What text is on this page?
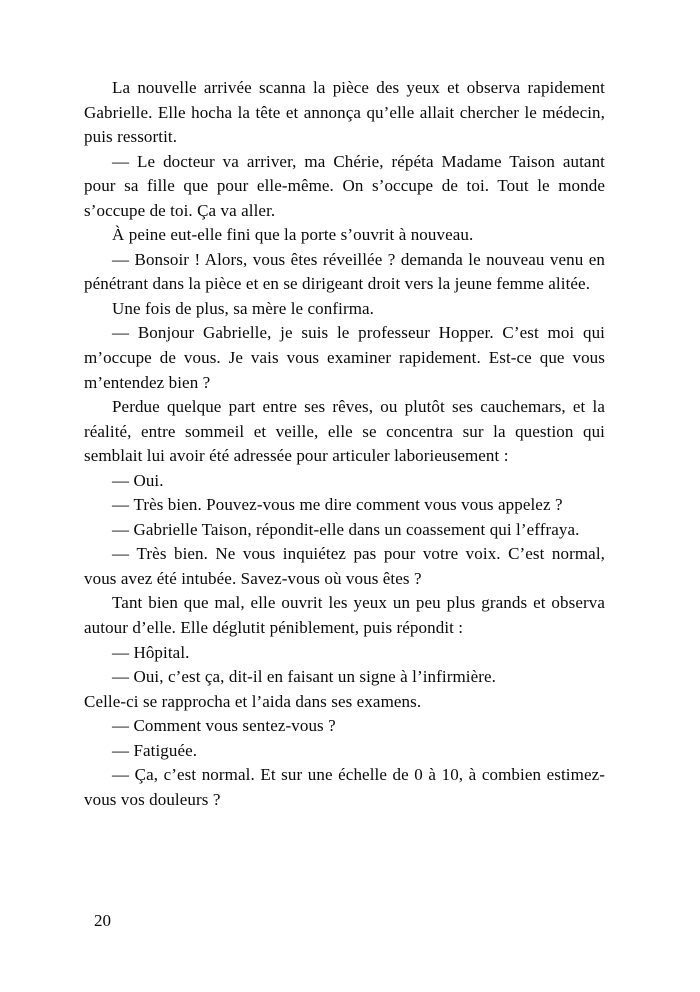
La nouvelle arrivée scanna la pièce des yeux et observa rapidement Gabrielle. Elle hocha la tête et annonça qu’elle allait chercher le médecin, puis ressortit.

— Le docteur va arriver, ma Chérie, répéta Madame Taison autant pour sa fille que pour elle-même. On s’occupe de toi. Tout le monde s’occupe de toi. Ça va aller.

À peine eut-elle fini que la porte s’ouvrit à nouveau.

— Bonsoir ! Alors, vous êtes réveillée ? demanda le nouveau venu en pénétrant dans la pièce et en se dirigeant droit vers la jeune femme alitée.

Une fois de plus, sa mère le confirma.

— Bonjour Gabrielle, je suis le professeur Hopper. C’est moi qui m’occupe de vous. Je vais vous examiner rapidement. Est-ce que vous m’entendez bien ?

Perdue quelque part entre ses rêves, ou plutôt ses cauchemars, et la réalité, entre sommeil et veille, elle se concentra sur la question qui semblait lui avoir été adressée pour articuler laborieusement :

— Oui.

— Très bien. Pouvez-vous me dire comment vous vous appelez ?

— Gabrielle Taison, répondit-elle dans un coassement qui l’effraya.

— Très bien. Ne vous inquiétez pas pour votre voix. C’est normal, vous avez été intubée. Savez-vous où vous êtes ?

Tant bien que mal, elle ouvrit les yeux un peu plus grands et observa autour d’elle. Elle déglutit péniblement, puis répondit :

— Hôpital.

— Oui, c’est ça, dit-il en faisant un signe à l’infirmière.

Celle-ci se rapprocha et l’aida dans ses examens.

— Comment vous sentez-vous ?

— Fatiguée.

— Ça, c’est normal. Et sur une échelle de 0 à 10, à combien estimez-vous vos douleurs ?

20
